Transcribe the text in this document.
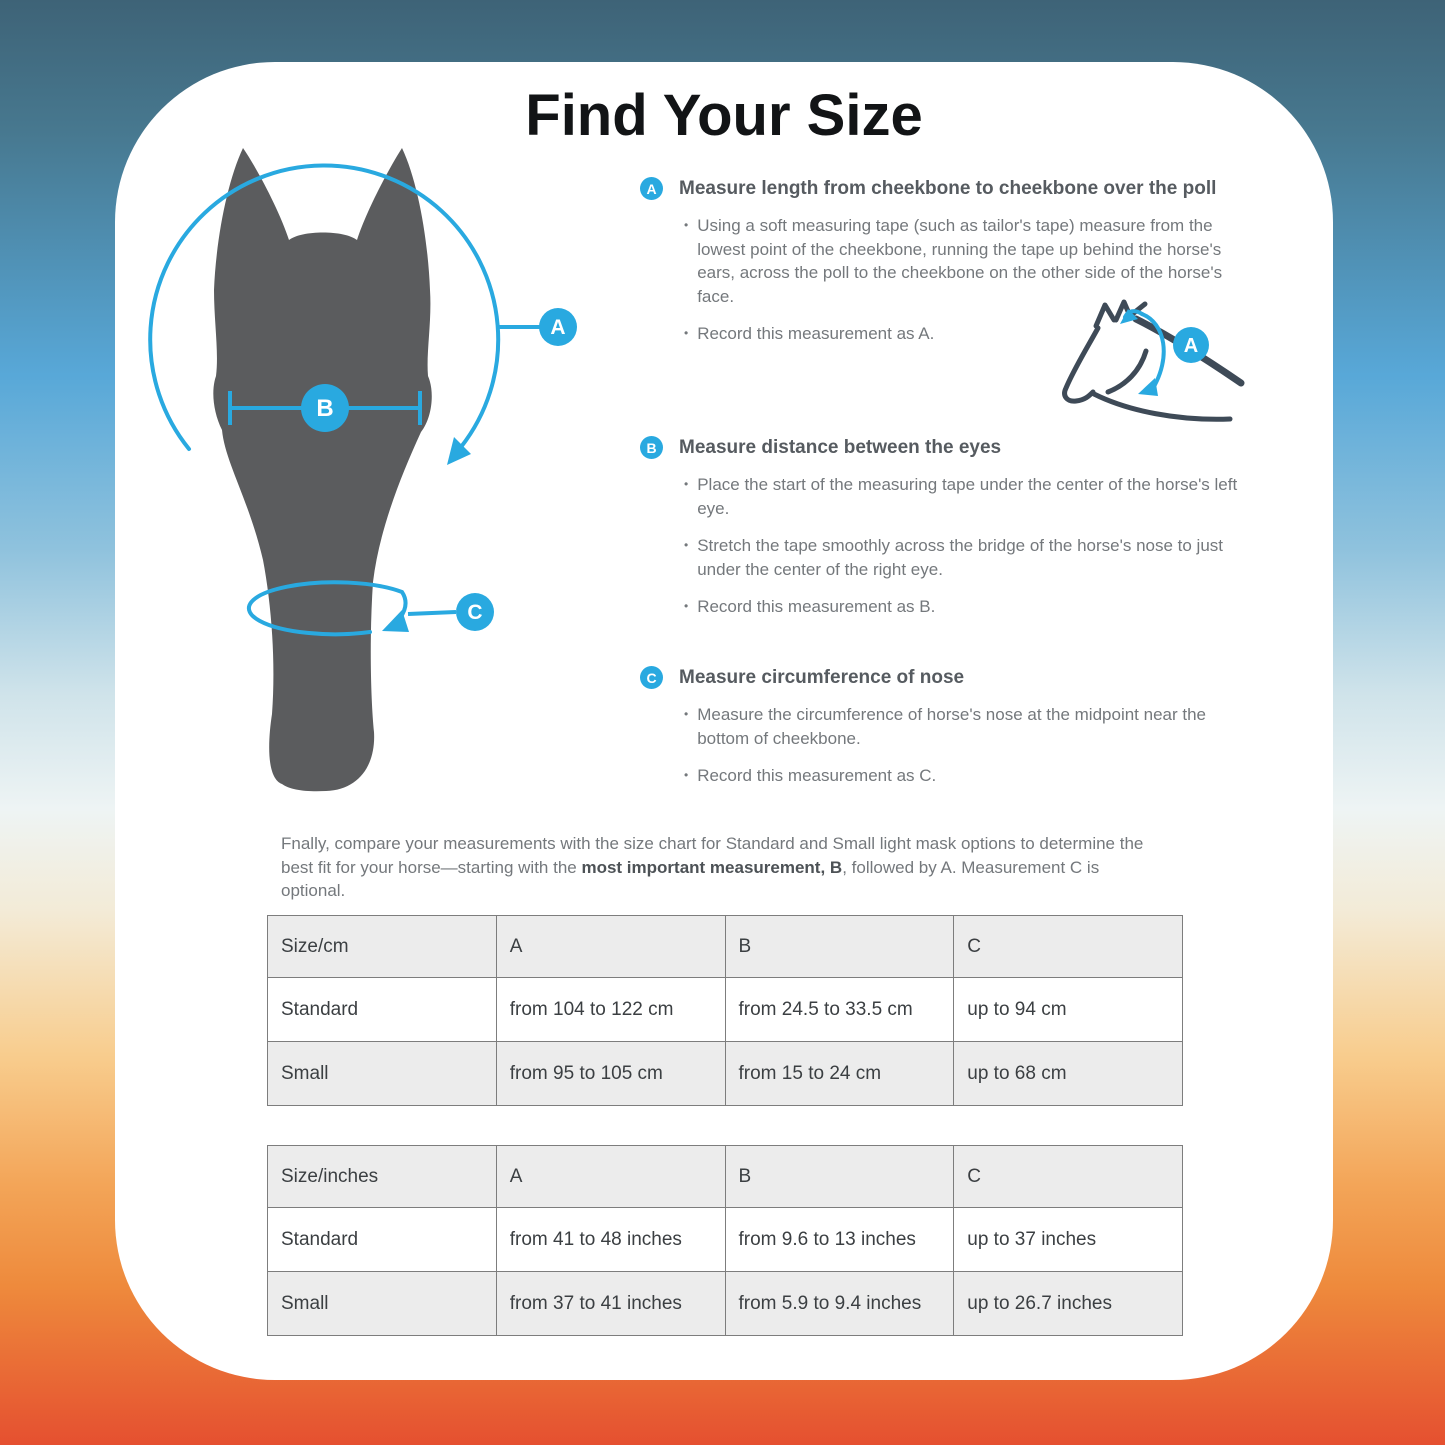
Find Your Size
A
B
C
A	Measure length from cheekbone to cheekbone over the poll
• Using a soft measuring tape (such as tailor's tape) measure from the lowest point of the cheekbone, running the tape up behind the horse's ears, across the poll to the cheekbone on the other side of the horse's face.
• Record this measurement as A.
B	Measure distance between the eyes
• Place the start of the measuring tape under the center of the horse's left eye.
• Stretch the tape smoothly across the bridge of the horse's nose to just under the center of the right eye.
• Record this measurement as B.
C	Measure circumference of nose
• Measure the circumference of horse's nose at the midpoint near the bottom of cheekbone.
• Record this measurement as C.
A
Fnally, compare your measurements with the size chart for Standard and Small light mask options to determine the best fit for your horse—starting with the most important measurement, B, followed by A. Measurement C is optional.
Size/cm	A	B	C
Standard	from 104 to 122 cm	from 24.5 to 33.5 cm	up to 94 cm
Small	from 95 to 105 cm	from 15 to 24 cm	up to 68 cm
Size/inches	A	B	C
Standard	from 41 to 48 inches	from 9.6 to 13 inches	up to 37 inches
Small	from 37 to 41 inches	from 5.9 to 9.4 inches	up to 26.7 inches
